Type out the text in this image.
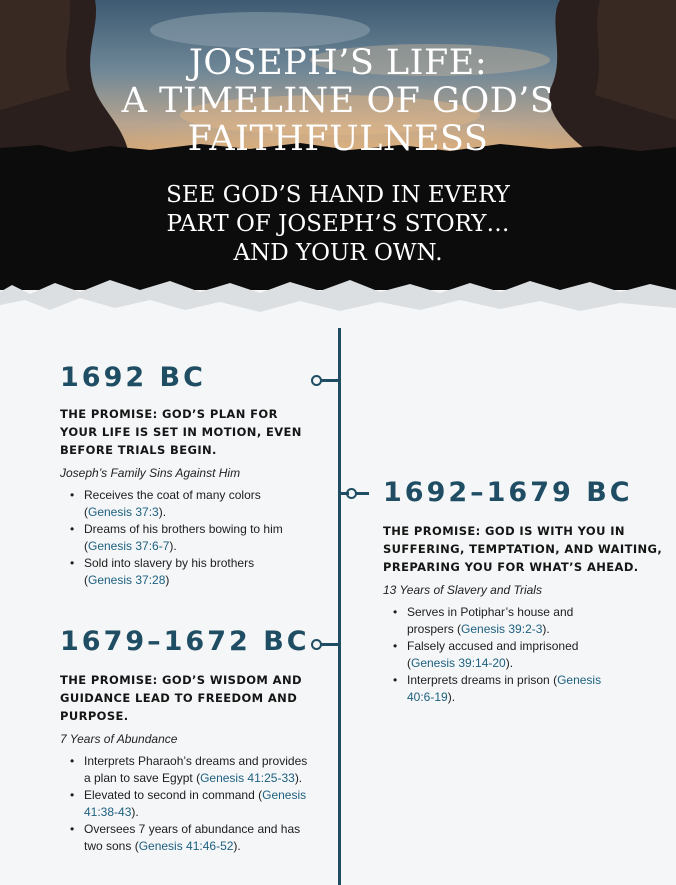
JOSEPH’S LIFE:
A TIMELINE OF GOD’S
FAITHFULNESS
SEE GOD’S HAND IN EVERY
PART OF JOSEPH’S STORY…
AND YOUR OWN.
1692 BC
THE PROMISE: GOD’S PLAN FOR
YOUR LIFE IS SET IN MOTION, EVEN
BEFORE TRIALS BEGIN.

Joseph’s Family Sins Against Him

• Receives the coat of many colors
(Genesis 37:3).
• Dreams of his brothers bowing to him
(Genesis 37:6-7).
• Sold into slavery by his brothers
(Genesis 37:28)
1692–1679 BC
THE PROMISE: GOD IS WITH YOU IN
SUFFERING, TEMPTATION, AND WAITING,
PREPARING YOU FOR WHAT’S AHEAD.

13 Years of Slavery and Trials

• Serves in Potiphar’s house and
prospers (Genesis 39:2-3).
• Falsely accused and imprisoned
(Genesis 39:14-20).
• Interprets dreams in prison (Genesis
40:6-19).
1679–1672 BC
THE PROMISE: GOD’S WISDOM AND
GUIDANCE LEAD TO FREEDOM AND
PURPOSE.

7 Years of Abundance

• Interprets Pharaoh’s dreams and provides
a plan to save Egypt (Genesis 41:25-33).
• Elevated to second in command (Genesis
41:38-43).
• Oversees 7 years of abundance and has
two sons (Genesis 41:46-52).
